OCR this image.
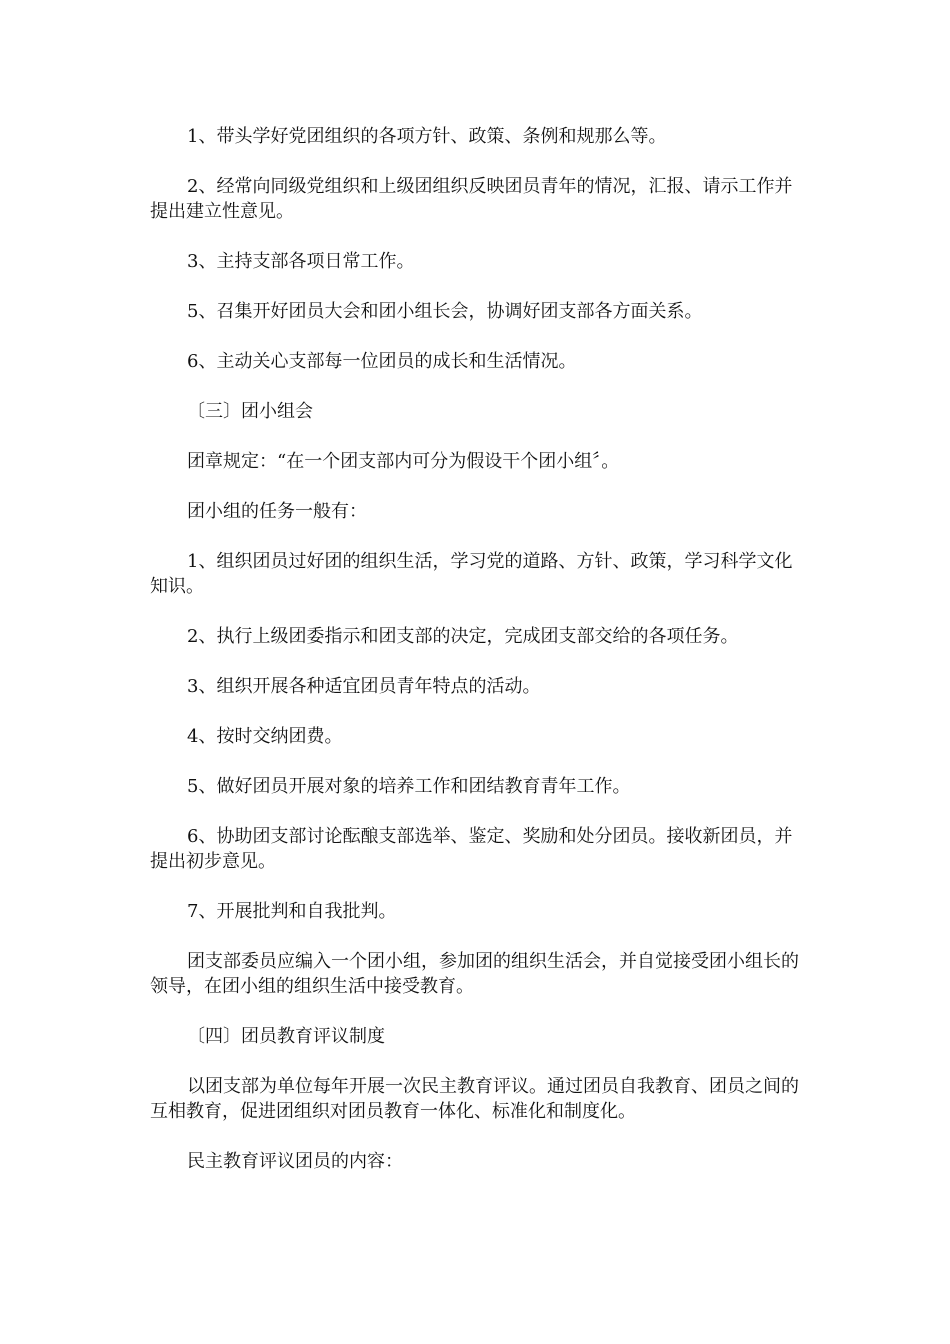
1、带头学好党团组织的各项方针、政策、条例和规那么等。

2、经常向同级党组织和上级团组织反映团员青年的情况，汇报、请示工作并提出建立性意见。

3、主持支部各项日常工作。

5、召集开好团员大会和团小组长会，协调好团支部各方面关系。

6、主动关心支部每一位团员的成长和生活情况。

〔三〕团小组会

团章规定：“在一个团支部内可分为假设干个团小组〞。

团小组的任务一般有：

1、组织团员过好团的组织生活，学习党的道路、方针、政策，学习科学文化知识。

2、执行上级团委指示和团支部的决定，完成团支部交给的各项任务。

3、组织开展各种适宜团员青年特点的活动。

4、按时交纳团费。

5、做好团员开展对象的培养工作和团结教育青年工作。

6、协助团支部讨论酝酿支部选举、鉴定、奖励和处分团员。接收新团员，并提出初步意见。

7、开展批判和自我批判。

团支部委员应编入一个团小组，参加团的组织生活会，并自觉接受团小组长的领导，在团小组的组织生活中接受教育。

〔四〕团员教育评议制度

以团支部为单位每年开展一次民主教育评议。通过团员自我教育、团员之间的互相教育，促进团组织对团员教育一体化、标准化和制度化。

民主教育评议团员的内容：
